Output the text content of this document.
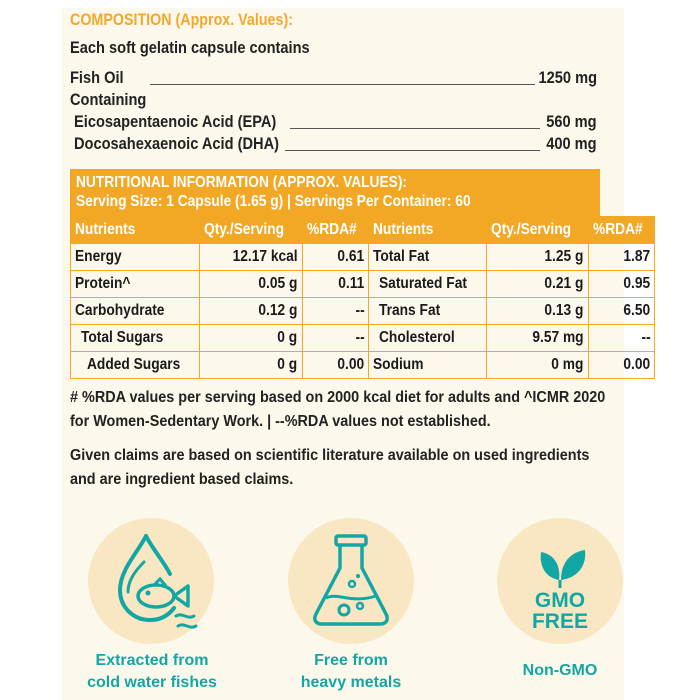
COMPOSITION (Approx. Values):
Each soft gelatin capsule contains
Fish Oil	1250 mg
Containing
Eicosapentaenoic Acid (EPA)	560 mg
Docosahexaenoic Acid (DHA)	400 mg
NUTRITIONAL INFORMATION (APPROX. VALUES):
Serving Size: 1 Capsule (1.65 g) | Servings Per Container: 60
Nutrients	Qty./Serving	%RDA#	Nutrients	Qty./Serving	%RDA#
Energy	12.17 kcal	0.61	Total Fat	1.25 g	1.87
Protein^	0.05 g	0.11	Saturated Fat	0.21 g	0.95
Carbohydrate	0.12 g	--	Trans Fat	0.13 g	6.50
Total Sugars	0 g	--	Cholesterol	9.57 mg	--
Added Sugars	0 g	0.00	Sodium	0 mg	0.00
# %RDA values per serving based on 2000 kcal diet for adults and ^ICMR 2020 for Women-Sedentary Work. | --%RDA values not established.
Given claims are based on scientific literature available on used ingredients and are ingredient based claims.
Extracted from
cold water fishes
Free from
heavy metals
GMO
FREE
Non-GMO
